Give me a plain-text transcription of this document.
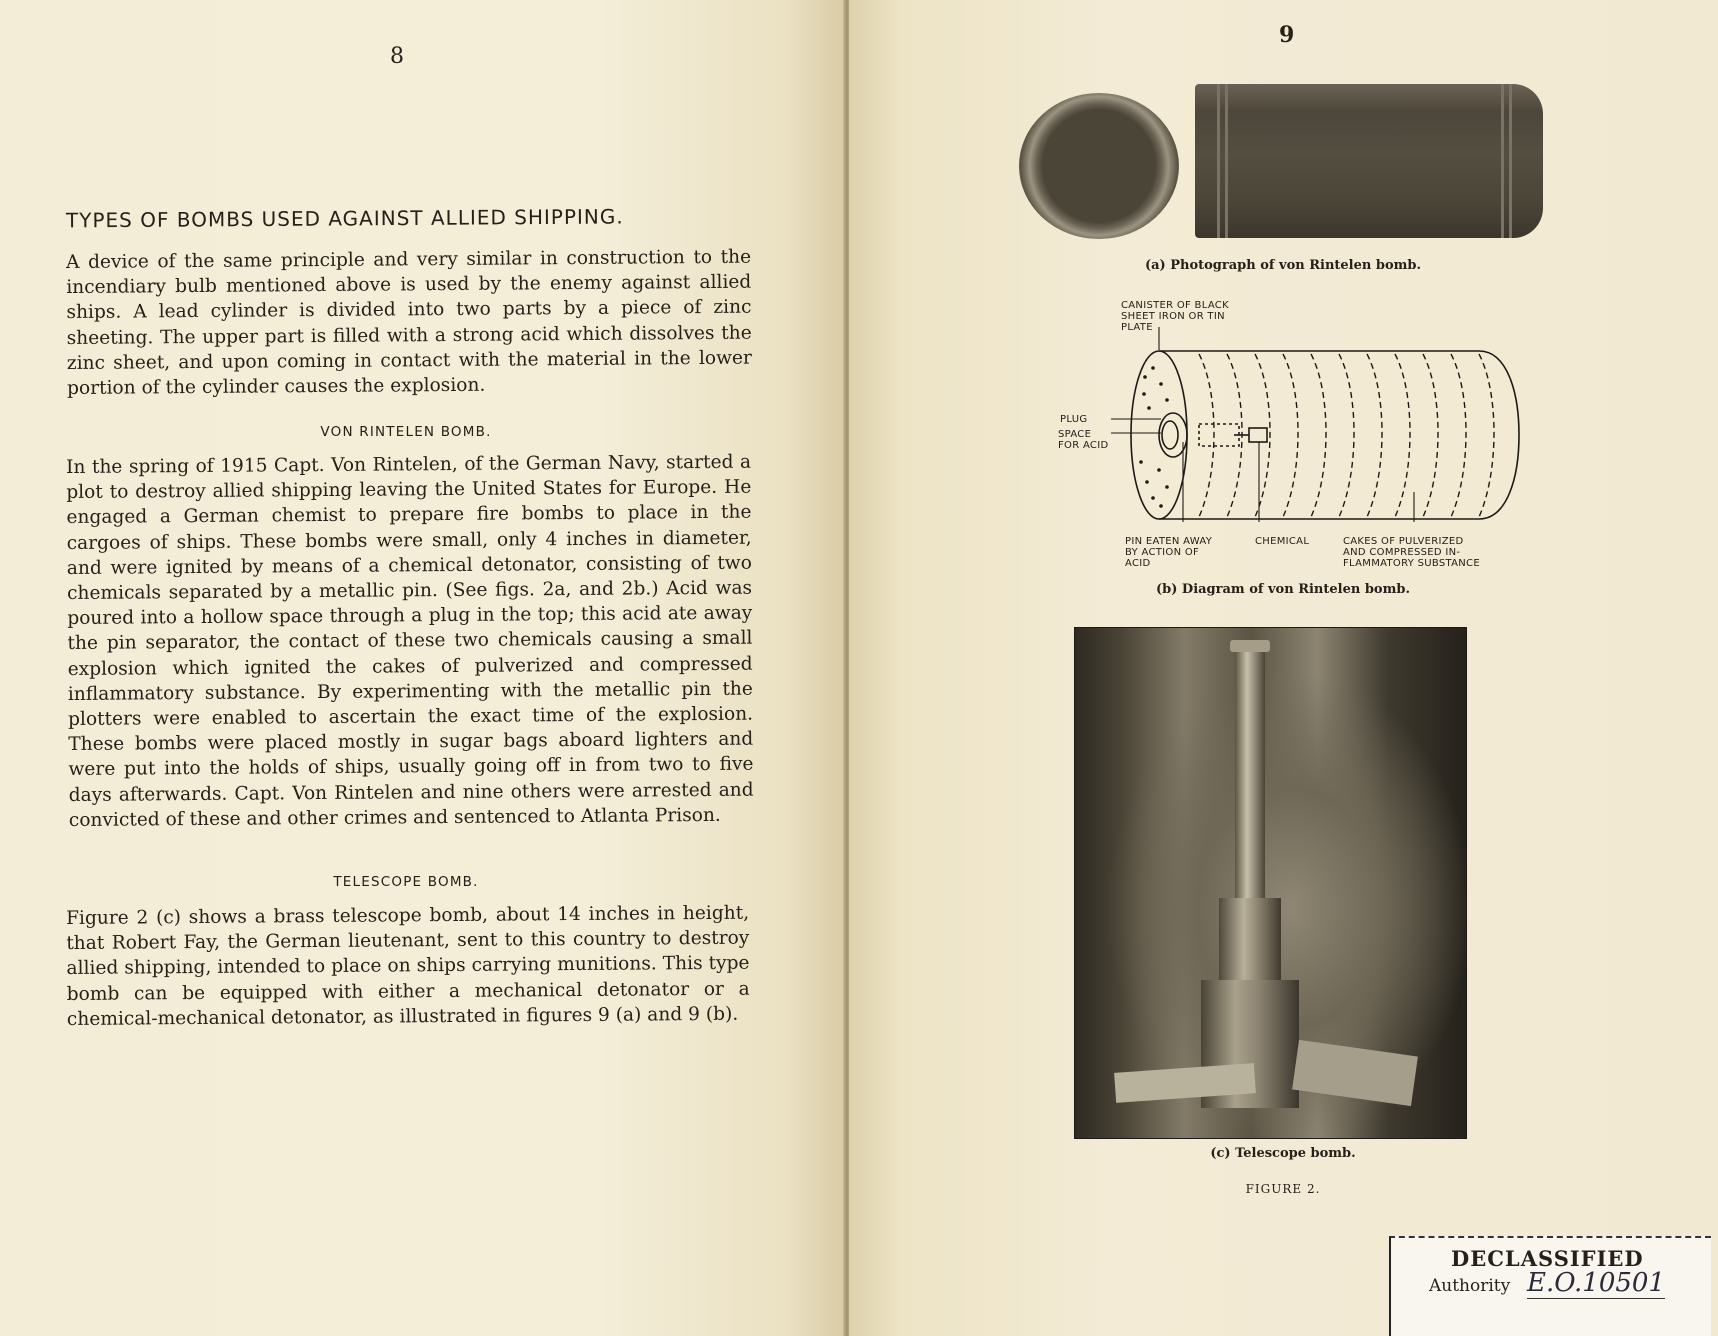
8
TYPES OF BOMBS USED AGAINST ALLIED SHIPPING.

A device of the same principle and very similar in construction to the incendiary bulb mentioned above is used by the enemy against allied ships. A lead cylinder is divided into two parts by a piece of zinc sheeting. The upper part is filled with a strong acid which dissolves the zinc sheet, and upon coming in contact with the material in the lower portion of the cylinder causes the explosion.

VON RINTELEN BOMB.

In the spring of 1915 Capt. Von Rintelen, of the German Navy, started a plot to destroy allied shipping leaving the United States for Europe. He engaged a German chemist to prepare fire bombs to place in the cargoes of ships. These bombs were small, only 4 inches in diameter, and were ignited by means of a chemical detonator, consisting of two chemicals separated by a metallic pin. (See figs. 2a, and 2b.) Acid was poured into a hollow space through a plug in the top; this acid ate away the pin separator, the contact of these two chemicals causing a small explosion which ignited the cakes of pulverized and compressed inflammatory substance. By experimenting with the metallic pin the plotters were enabled to ascertain the exact time of the explosion. These bombs were placed mostly in sugar bags aboard lighters and were put into the holds of ships, usually going off in from two to five days afterwards. Capt. Von Rintelen and nine others were arrested and convicted of these and other crimes and sentenced to Atlanta Prison.

TELESCOPE BOMB.

Figure 2 (c) shows a brass telescope bomb, about 14 inches in height, that Robert Fay, the German lieutenant, sent to this country to destroy allied shipping, intended to place on ships carrying munitions. This type bomb can be equipped with either a mechanical detonator or a chemical-mechanical detonator, as illustrated in figures 9 (a) and 9 (b).

9
(a) Photograph of von Rintelen bomb.

CANISTER OF BLACK
SHEET IRON OR TIN
PLATE

PLUG

SPACE
FOR ACID

PIN EATEN AWAY
BY ACTION OF
ACID

CHEMICAL	CAKES OF PULVERIZED
AND COMPRESSED IN-
FLAMMATORY SUBSTANCE

(b) Diagram of von Rintelen bomb.
(c) Telescope bomb.
FIGURE 2.
DECLASSIFIED
Authority E.O.10501
